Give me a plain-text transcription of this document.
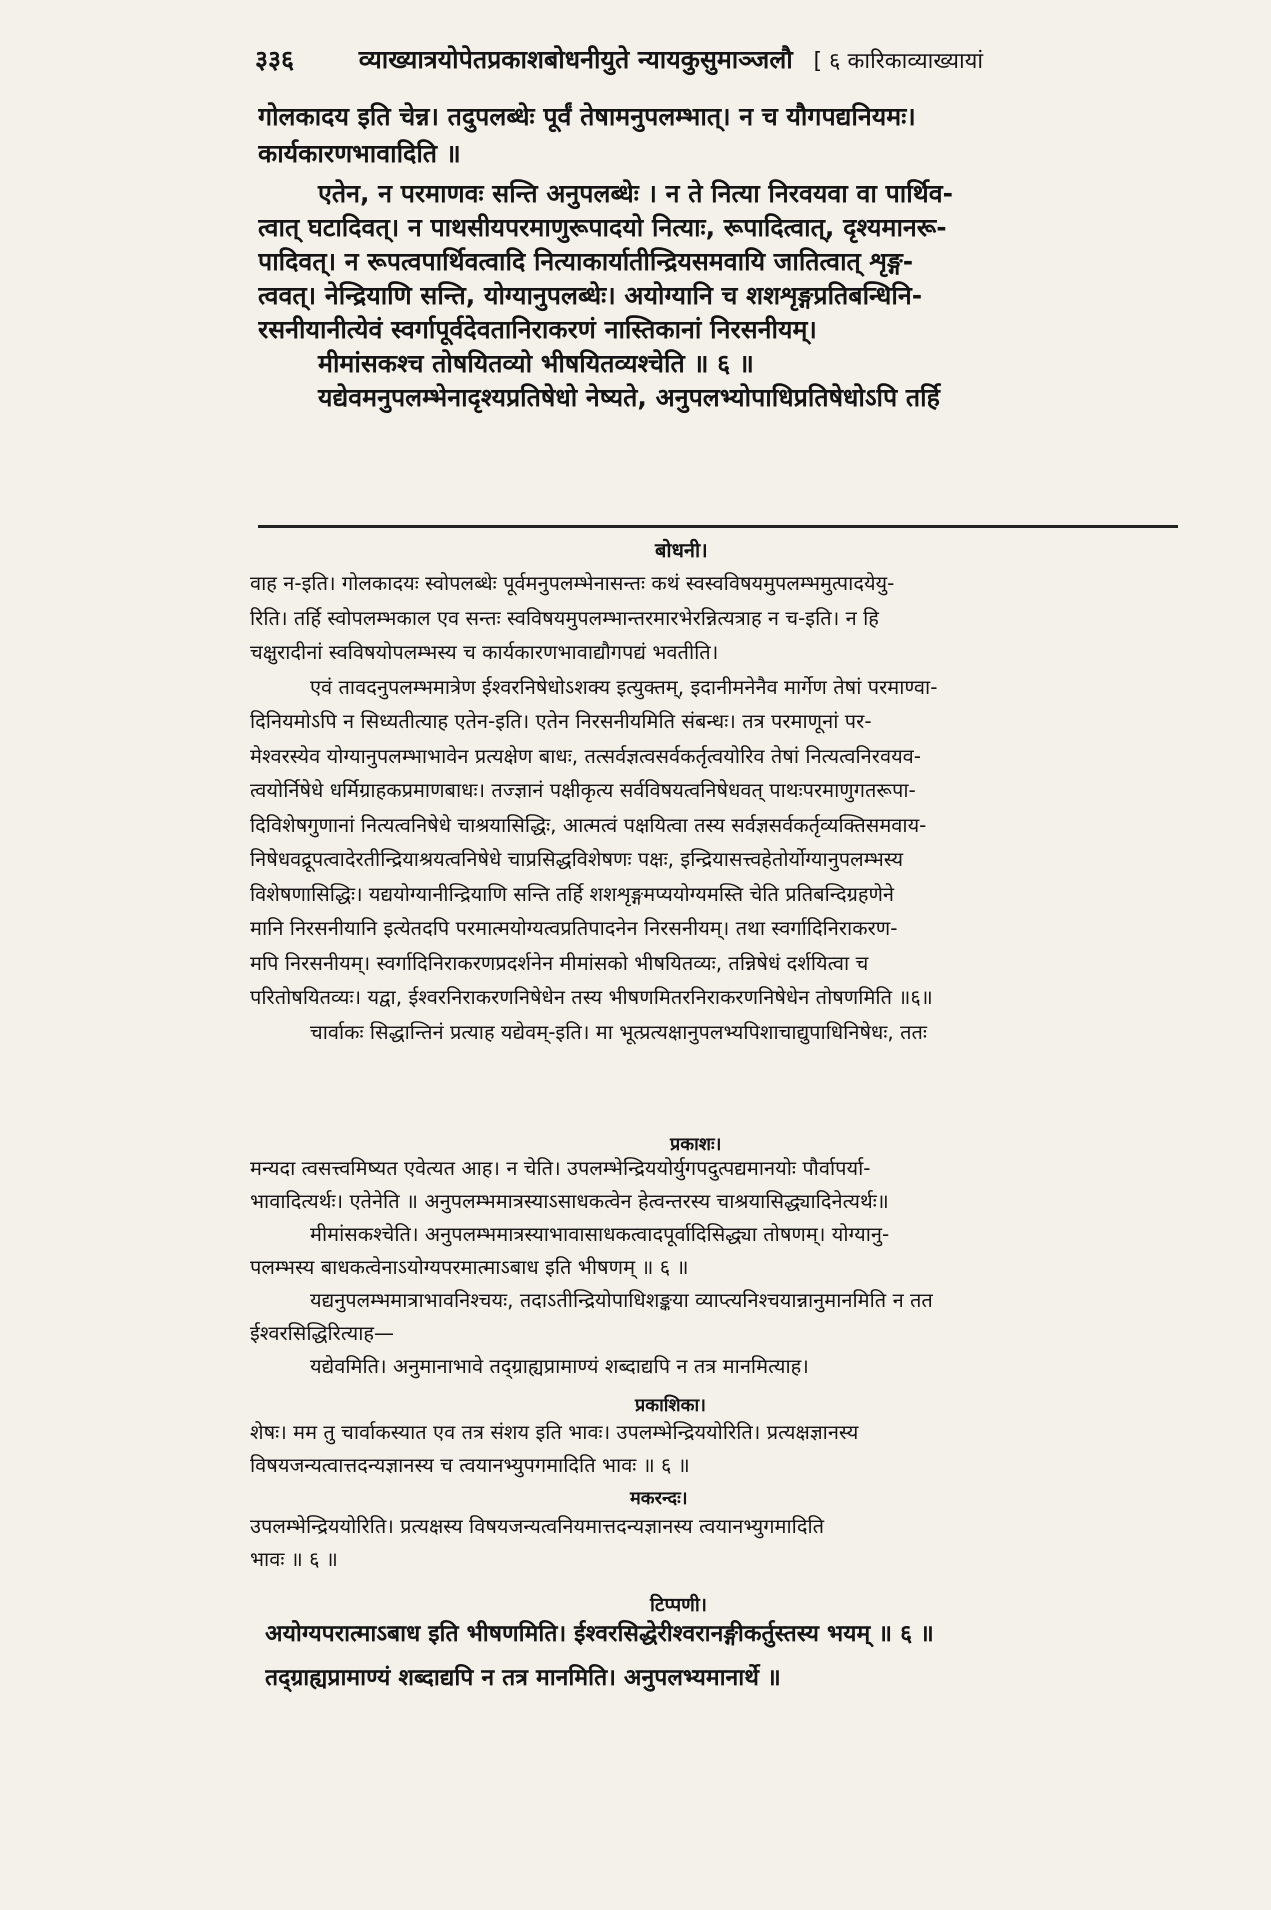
३३६	व्याख्यात्रयोपेतप्रकाशबोधनीयुते न्यायकुसुमाञ्जलौ [ ६ कारिकाव्याख्यायां
गोलकादय इति चेन्न। तदुपलब्धेः पूर्वं तेषामनुपलम्भात्। न च यौगपद्यनियमः।
कार्यकारणभावादिति ॥
एतेन, न परमाणवः सन्ति अनुपलब्धेः । न ते नित्या निरवयवा वा पार्थिव-
त्वात् घटादिवत्। न पाथसीयपरमाणुरूपादयो नित्याः, रूपादित्वात्, दृश्यमानरू-
पादिवत्। न रूपत्वपार्थिवत्वादि नित्याकार्यातीन्द्रियसमवायि जातित्वात् शृङ्ग-
त्ववत्। नेन्द्रियाणि सन्ति, योग्यानुपलब्धेः। अयोग्यानि च शशशृङ्गप्रतिबन्धिनि-
रसनीयानीत्येवं स्वर्गापूर्वदेवतानिराकरणं नास्तिकानां निरसनीयम्।
मीमांसकश्च तोषयितव्यो भीषयितव्यश्चेति ॥ ६ ॥
यद्येवमनुपलम्भेनादृश्यप्रतिषेधो नेष्यते, अनुपलभ्योपाधिप्रतिषेधोऽपि तर्हि
बोधनी।
वाह न-इति। गोलकादयः स्वोपलब्धेः पूर्वमनुपलम्भेनासन्तः कथं स्वस्वविषयमुपलम्भमुत्पादयेयु-
रिति। तर्हि स्वोपलम्भकाल एव सन्तः स्वविषयमुपलम्भान्तरमारभेरन्नित्यत्राह न च-इति। न हि
चक्षुरादीनां स्वविषयोपलम्भस्य च कार्यकारणभावाद्यौगपद्यं भवतीति।
एवं तावदनुपलम्भमात्रेण ईश्वरनिषेधोऽशक्य इत्युक्तम्, इदानीमनेनैव मार्गेण तेषां परमाण्वा-
दिनियमोऽपि न सिध्यतीत्याह एतेन-इति। एतेन निरसनीयमिति संबन्धः। तत्र परमाणूनां पर-
मेश्वरस्येव योग्यानुपलम्भाभावेन प्रत्यक्षेण बाधः, तत्सर्वज्ञत्वसर्वकर्तृत्वयोरिव तेषां नित्यत्वनिरवयव-
त्वयोर्निषेधे धर्मिग्राहकप्रमाणबाधः। तज्ज्ञानं पक्षीकृत्य सर्वविषयत्वनिषेधवत् पाथःपरमाणुगतरूपा-
दिविशेषगुणानां नित्यत्वनिषेधे चाश्रयासिद्धिः, आत्मत्वं पक्षयित्वा तस्य सर्वज्ञसर्वकर्तृव्यक्तिसमवाय-
निषेधवद्रूपत्वादेरतीन्द्रियाश्रयत्वनिषेधे चाप्रसिद्धविशेषणः पक्षः, इन्द्रियासत्त्वहेतोर्योग्यानुपलम्भस्य
विशेषणासिद्धिः। यद्ययोग्यानीन्द्रियाणि सन्ति तर्हि शशशृङ्गमप्ययोग्यमस्ति चेति प्रतिबन्दिग्रहणेने
मानि निरसनीयानि इत्येतदपि परमात्मयोग्यत्वप्रतिपादनेन निरसनीयम्। तथा स्वर्गादिनिराकरण-
मपि निरसनीयम्। स्वर्गादिनिराकरणप्रदर्शनेन मीमांसको भीषयितव्यः, तन्निषेधं दर्शयित्वा च
परितोषयितव्यः। यद्वा, ईश्वरनिराकरणनिषेधेन तस्य भीषणमितरनिराकरणनिषेधेन तोषणमिति ॥६॥
चार्वाकः सिद्धान्तिनं प्रत्याह यद्येवम्-इति। मा भूत्प्रत्यक्षानुपलभ्यपिशाचाद्युपाधिनिषेधः, ततः
प्रकाशः।
मन्यदा त्वसत्त्वमिष्यत एवेत्यत आह। न चेति। उपलम्भेन्द्रिययोर्युगपदुत्पद्यमानयोः पौर्वापर्या-
भावादित्यर्थः। एतेनेति ॥ अनुपलम्भमात्रस्याऽसाधकत्वेन हेत्वन्तरस्य चाश्रयासिद्ध्यादिनेत्यर्थः॥
मीमांसकश्चेति। अनुपलम्भमात्रस्याभावासाधकत्वादपूर्वादिसिद्ध्या तोषणम्। योग्यानु-
पलम्भस्य बाधकत्वेनाऽयोग्यपरमात्माऽबाध इति भीषणम् ॥ ६ ॥
यद्यनुपलम्भमात्राभावनिश्चयः, तदाऽतीन्द्रियोपाधिशङ्कया व्याप्त्यनिश्चयान्नानुमानमिति न तत
ईश्वरसिद्धिरित्याह—
यद्येवमिति। अनुमानाभावे तद्ग्राह्यप्रामाण्यं शब्दाद्यपि न तत्र मानमित्याह।
प्रकाशिका।
शेषः। मम तु चार्वाकस्यात एव तत्र संशय इति भावः। उपलम्भेन्द्रिययोरिति। प्रत्यक्षज्ञानस्य
विषयजन्यत्वात्तदन्यज्ञानस्य च त्वयानभ्युपगमादिति भावः ॥ ६ ॥
मकरन्दः।
उपलम्भेन्द्रिययोरिति। प्रत्यक्षस्य विषयजन्यत्वनियमात्तदन्यज्ञानस्य त्वयानभ्युगमादिति
भावः ॥ ६ ॥
टिप्पणी।
अयोग्यपरात्माऽबाध इति भीषणमिति। ईश्वरसिद्धेरीश्वरानङ्गीकर्तुस्तस्य भयम् ॥ ६ ॥
तद्ग्राह्यप्रामाण्यं शब्दाद्यपि न तत्र मानमिति। अनुपलभ्यमानार्थे ॥
